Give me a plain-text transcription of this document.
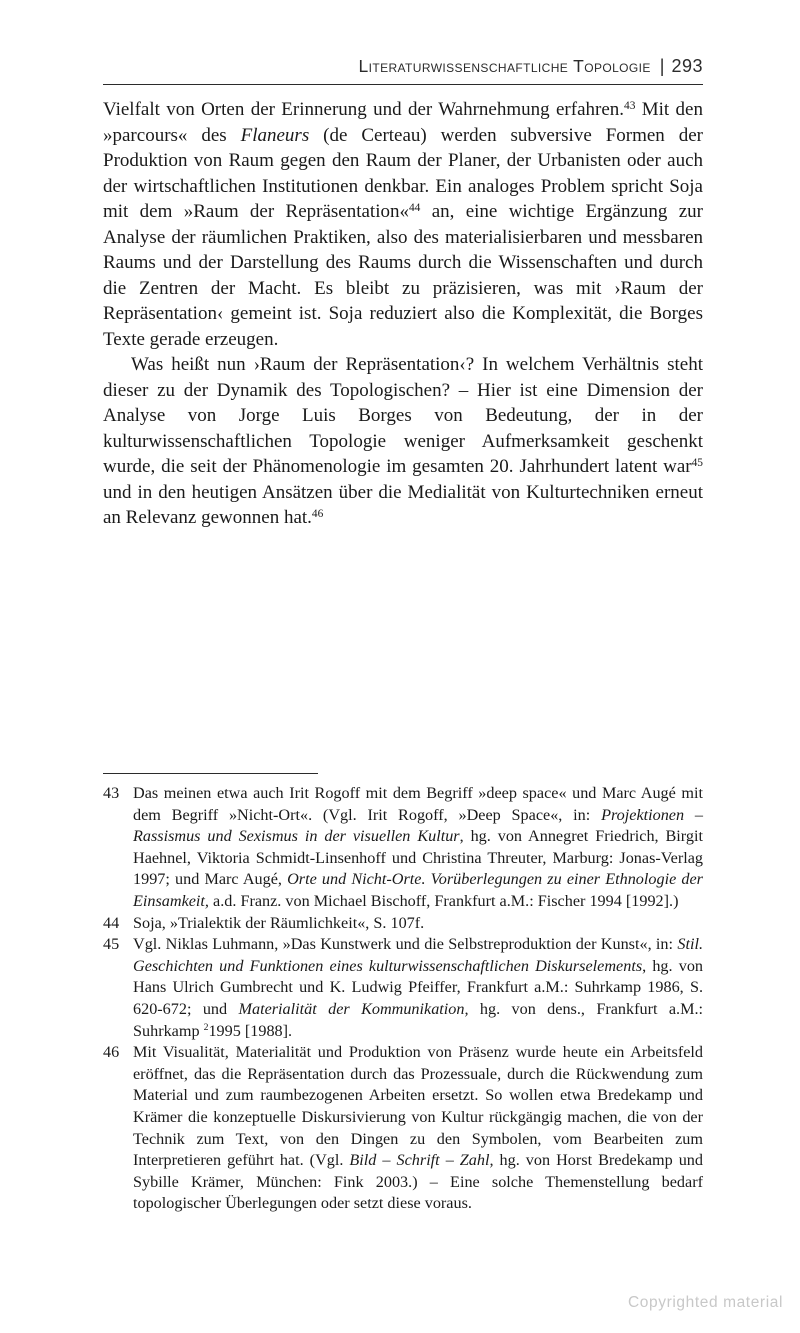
Literaturwissenschaftliche Topologie | 293

Vielfalt von Orten der Erinnerung und der Wahrnehmung erfahren.$^{43}$ Mit den »parcours« des Flaneurs (de Certeau) werden subversive Formen der Produktion von Raum gegen den Raum der Planer, der Urbanisten oder auch der wirtschaftlichen Institutionen denkbar. Ein analoges Problem spricht Soja mit dem »Raum der Repräsentation«$^{44}$ an, eine wichtige Ergänzung zur Analyse der räumlichen Praktiken, also des materialisierbaren und messbaren Raums und der Darstellung des Raums durch die Wissenschaften und durch die Zentren der Macht. Es bleibt zu präzisieren, was mit ›Raum der Repräsentation‹ gemeint ist. Soja reduziert also die Komplexität, die Borges Texte gerade erzeugen.

Was heißt nun ›Raum der Repräsentation‹? In welchem Verhältnis steht dieser zu der Dynamik des Topologischen? – Hier ist eine Dimension der Analyse von Jorge Luis Borges von Bedeutung, der in der kulturwissenschaftlichen Topologie weniger Aufmerksamkeit geschenkt wurde, die seit der Phänomenologie im gesamten 20. Jahrhundert latent war$^{45}$ und in den heutigen Ansätzen über die Medialität von Kulturtechniken erneut an Relevanz gewonnen hat.$^{46}$

43 Das meinen etwa auch Irit Rogoff mit dem Begriff »deep space« und Marc Augé mit dem Begriff »Nicht-Ort«. (Vgl. Irit Rogoff, »Deep Space«, in: Projektionen – Rassismus und Sexismus in der visuellen Kultur, hg. von Annegret Friedrich, Birgit Haehnel, Viktoria Schmidt-Linsenhoff und Christina Threuter, Marburg: Jonas-Verlag 1997; und Marc Augé, Orte und Nicht-Orte. Vorüberlegungen zu einer Ethnologie der Einsamkeit, a.d. Franz. von Michael Bischoff, Frankfurt a.M.: Fischer 1994 [1992].)
44 Soja, »Trialektik der Räumlichkeit«, S. 107f.
45 Vgl. Niklas Luhmann, »Das Kunstwerk und die Selbstreproduktion der Kunst«, in: Stil. Geschichten und Funktionen eines kulturwissenschaftlichen Diskurselements, hg. von Hans Ulrich Gumbrecht und K. Ludwig Pfeiffer, Frankfurt a.M.: Suhrkamp 1986, S. 620-672; und Materialität der Kommunikation, hg. von dens., Frankfurt a.M.: Suhrkamp $^2$1995 [1988].
46 Mit Visualität, Materialität und Produktion von Präsenz wurde heute ein Arbeitsfeld eröffnet, das die Repräsentation durch das Prozessuale, durch die Rückwendung zum Material und zum raumbezogenen Arbeiten ersetzt. So wollen etwa Bredekamp und Krämer die konzeptuelle Diskursivierung von Kultur rückgängig machen, die von der Technik zum Text, von den Dingen zu den Symbolen, vom Bearbeiten zum Interpretieren geführt hat. (Vgl. Bild – Schrift – Zahl, hg. von Horst Bredekamp und Sybille Krämer, München: Fink 2003.) – Eine solche Themenstellung bedarf topologischer Überlegungen oder setzt diese voraus.
Copyrighted material
